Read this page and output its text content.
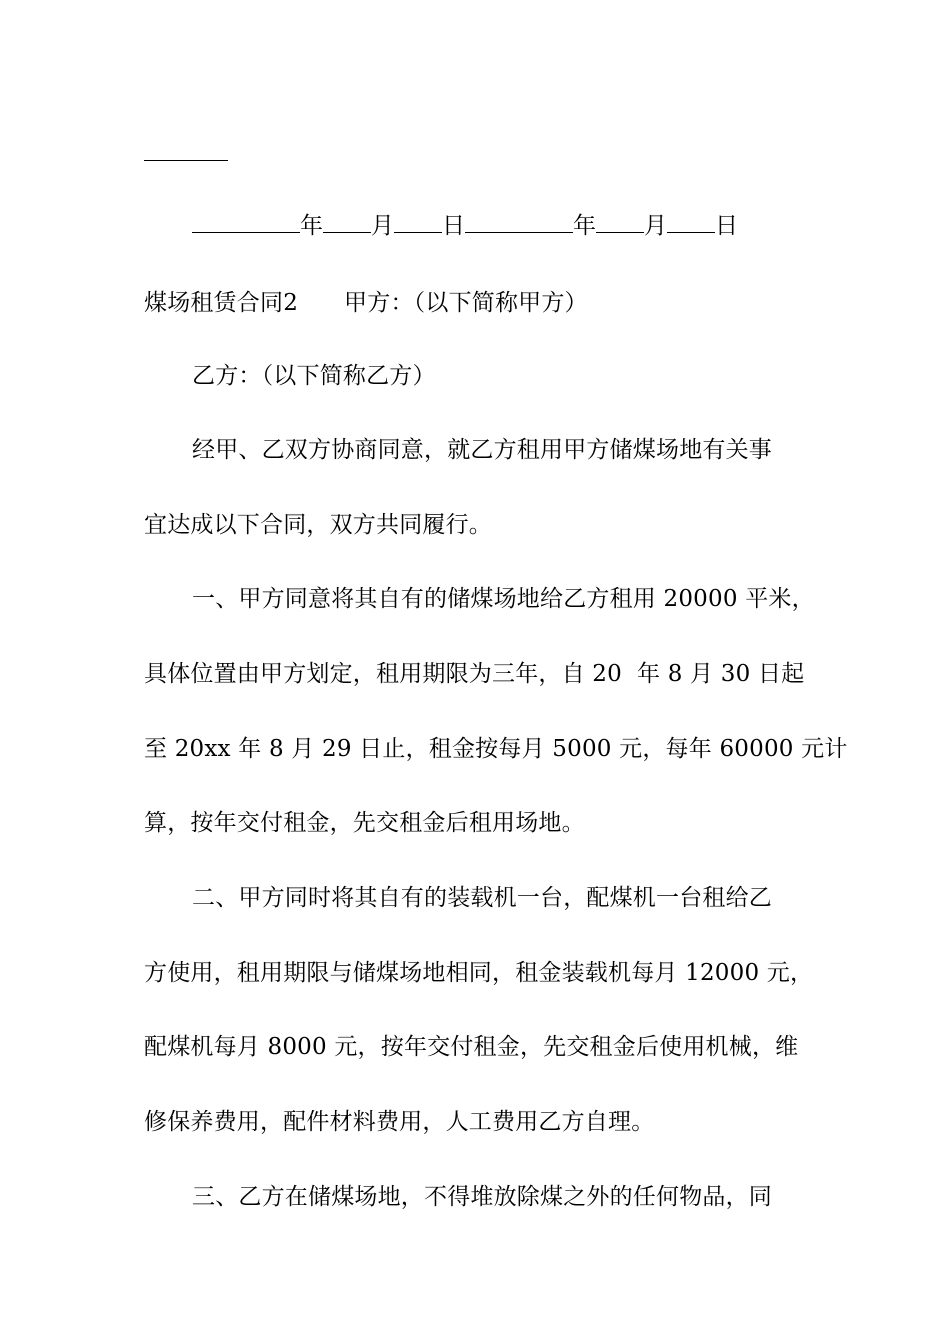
年 月 日	年 月 日
煤场租赁合同2 甲方：（以下简称甲方）
乙方：（以下简称乙方）
经甲、乙双方协商同意，就乙方租用甲方储煤场地有关事
宜达成以下合同，双方共同履行。
一、甲方同意将其自有的储煤场地给乙方租用 20000 平米，
具体位置由甲方划定，租用期限为三年，自 20  年 8 月 30 日起
至 20xx 年 8 月 29 日止，租金按每月 5000 元，每年 60000 元计
算，按年交付租金，先交租金后租用场地。
二、甲方同时将其自有的装载机一台，配煤机一台租给乙
方使用，租用期限与储煤场地相同，租金装载机每月 12000 元，
配煤机每月 8000 元，按年交付租金，先交租金后使用机械，维
修保养费用，配件材料费用，人工费用乙方自理。
三、乙方在储煤场地，不得堆放除煤之外的任何物品，同
